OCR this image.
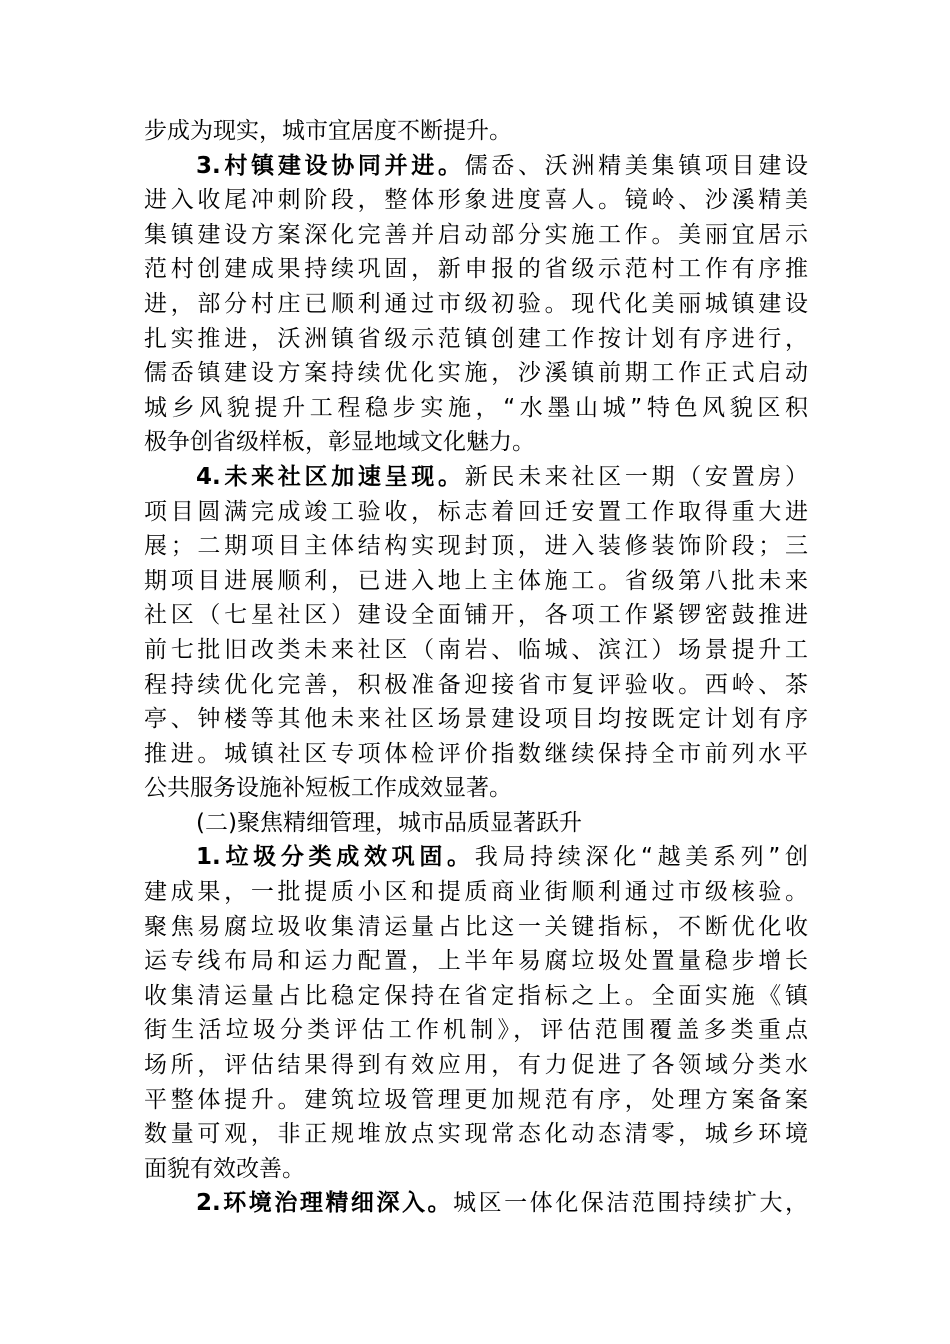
步成为现实，城市宜居度不断提升。
3.村镇建设协同并进。儒岙、沃洲精美集镇项目建设
进入收尾冲刺阶段，整体形象进度喜人。镜岭、沙溪精美
集镇建设方案深化完善并启动部分实施工作。美丽宜居示
范村创建成果持续巩固，新申报的省级示范村工作有序推
进，部分村庄已顺利通过市级初验。现代化美丽城镇建设
扎实推进，沃洲镇省级示范镇创建工作按计划有序进行，
儒岙镇建设方案持续优化实施，沙溪镇前期工作正式启动
城乡风貌提升工程稳步实施，“水墨山城”特色风貌区积
极争创省级样板，彰显地域文化魅力。
4.未来社区加速呈现。新民未来社区一期（安置房）
项目圆满完成竣工验收，标志着回迁安置工作取得重大进
展；二期项目主体结构实现封顶，进入装修装饰阶段；三
期项目进展顺利，已进入地上主体施工。省级第八批未来
社区（七星社区）建设全面铺开，各项工作紧锣密鼓推进
前七批旧改类未来社区（南岩、临城、滨江）场景提升工
程持续优化完善，积极准备迎接省市复评验收。西岭、茶
亭、钟楼等其他未来社区场景建设项目均按既定计划有序
推进。城镇社区专项体检评价指数继续保持全市前列水平
公共服务设施补短板工作成效显著。
(二)聚焦精细管理，城市品质显著跃升
1.垃圾分类成效巩固。我局持续深化“越美系列”创
建成果，一批提质小区和提质商业街顺利通过市级核验。
聚焦易腐垃圾收集清运量占比这一关键指标，不断优化收
运专线布局和运力配置，上半年易腐垃圾处置量稳步增长
收集清运量占比稳定保持在省定指标之上。全面实施《镇
街生活垃圾分类评估工作机制》，评估范围覆盖多类重点
场所，评估结果得到有效应用，有力促进了各领域分类水
平整体提升。建筑垃圾管理更加规范有序，处理方案备案
数量可观，非正规堆放点实现常态化动态清零，城乡环境
面貌有效改善。
2.环境治理精细深入。城区一体化保洁范围持续扩大，
